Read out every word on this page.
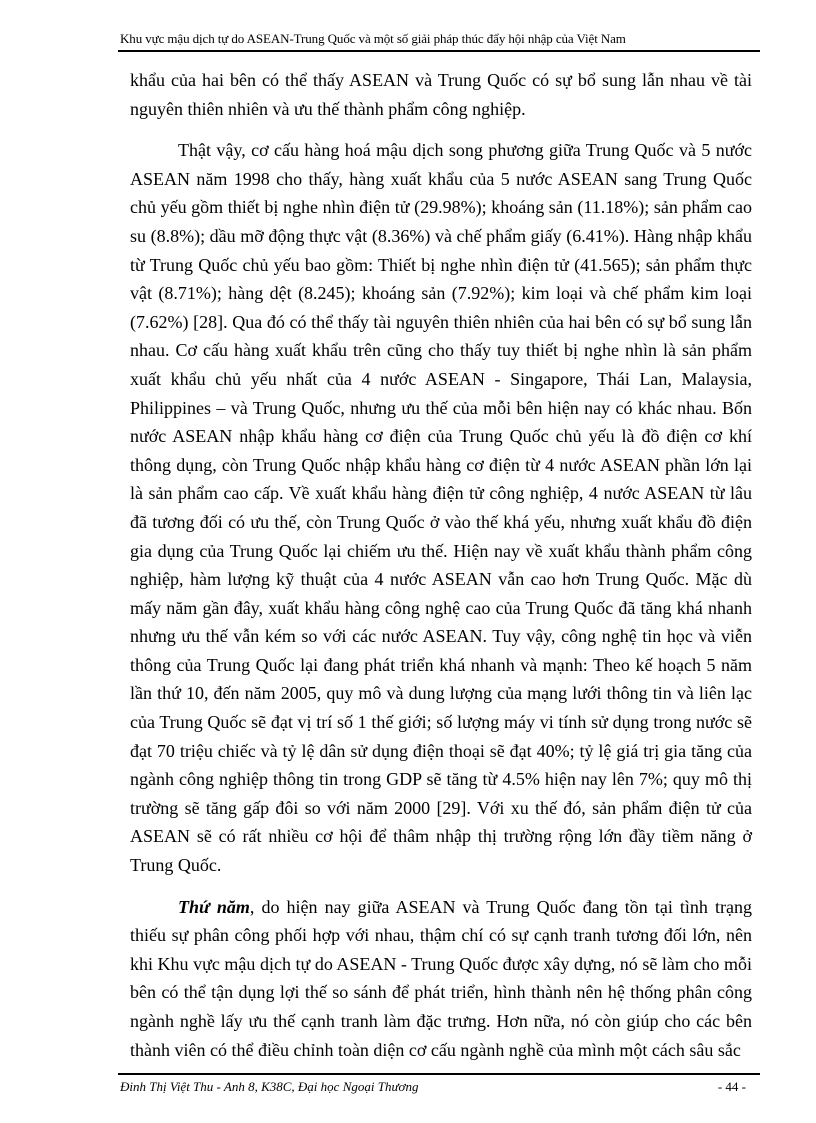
Khu vực mậu dịch tự do ASEAN-Trung Quốc và một số giải pháp thúc đẩy hội nhập của Việt Nam

khẩu của hai bên có thể thấy ASEAN và Trung Quốc có sự bổ sung lẫn nhau về tài nguyên thiên nhiên và ưu thế thành phẩm công nghiệp.

Thật vậy, cơ cấu hàng hoá mậu dịch song phương giữa Trung Quốc và 5 nước ASEAN năm 1998 cho thấy, hàng xuất khẩu của 5 nước ASEAN sang Trung Quốc chủ yếu gồm thiết bị nghe nhìn điện tử (29.98%); khoáng sản (11.18%); sản phẩm cao su (8.8%); dầu mỡ động thực vật (8.36%) và chế phẩm giấy (6.41%). Hàng nhập khẩu từ Trung Quốc chủ yếu bao gồm: Thiết bị nghe nhìn điện tử (41.565); sản phẩm thực vật (8.71%); hàng dệt (8.245); khoáng sản (7.92%); kim loại và chế phẩm kim loại (7.62%) [28]. Qua đó có thể thấy tài nguyên thiên nhiên của hai bên có sự bổ sung lẫn nhau. Cơ cấu hàng xuất khẩu trên cũng cho thấy tuy thiết bị nghe nhìn là sản phẩm xuất khẩu chủ yếu nhất của 4 nước ASEAN - Singapore, Thái Lan, Malaysia, Philippines – và Trung Quốc, nhưng ưu thế của mỗi bên hiện nay có khác nhau. Bốn nước ASEAN nhập khẩu hàng cơ điện của Trung Quốc chủ yếu là đồ điện cơ khí thông dụng, còn Trung Quốc nhập khẩu hàng cơ điện từ 4 nước ASEAN phần lớn lại là sản phẩm cao cấp. Về xuất khẩu hàng điện tử công nghiệp, 4 nước ASEAN từ lâu đã tương đối có ưu thế, còn Trung Quốc ở vào thế khá yếu, nhưng xuất khẩu đồ điện gia dụng của Trung Quốc lại chiếm ưu thế. Hiện nay về xuất khẩu thành phẩm công nghiệp, hàm lượng kỹ thuật của 4 nước ASEAN vẫn cao hơn Trung Quốc. Mặc dù mấy năm gần đây, xuất khẩu hàng công nghệ cao của Trung Quốc đã tăng khá nhanh nhưng ưu thế vẫn kém so với các nước ASEAN. Tuy vậy, công nghệ tin học và viễn thông của Trung Quốc lại đang phát triển khá nhanh và mạnh: Theo kế hoạch 5 năm lần thứ 10, đến năm 2005, quy mô và dung lượng của mạng lưới thông tin và liên lạc của Trung Quốc sẽ đạt vị trí số 1 thế giới; số lượng máy vi tính sử dụng trong nước sẽ đạt 70 triệu chiếc và tỷ lệ dân sử dụng điện thoại sẽ đạt 40%; tỷ lệ giá trị gia tăng của ngành công nghiệp thông tin trong GDP sẽ tăng từ 4.5% hiện nay lên 7%; quy mô thị trường sẽ tăng gấp đôi so với năm 2000 [29]. Với xu thế đó, sản phẩm điện tử của ASEAN sẽ có rất nhiều cơ hội để thâm nhập thị trường rộng lớn đầy tiềm năng ở Trung Quốc.

Thứ năm, do hiện nay giữa ASEAN và Trung Quốc đang tồn tại tình trạng thiếu sự phân công phối hợp với nhau, thậm chí có sự cạnh tranh tương đối lớn, nên khi Khu vực mậu dịch tự do ASEAN - Trung Quốc được xây dựng, nó sẽ làm cho mỗi bên có thể tận dụng lợi thế so sánh để phát triển, hình thành nên hệ thống phân công ngành nghề lấy ưu thế cạnh tranh làm đặc trưng. Hơn nữa, nó còn giúp cho các bên thành viên có thể điều chỉnh toàn diện cơ cấu ngành nghề của mình một cách sâu sắc

Đinh Thị Việt Thu - Anh 8, K38C, Đại học Ngoại Thương	- 44 -
